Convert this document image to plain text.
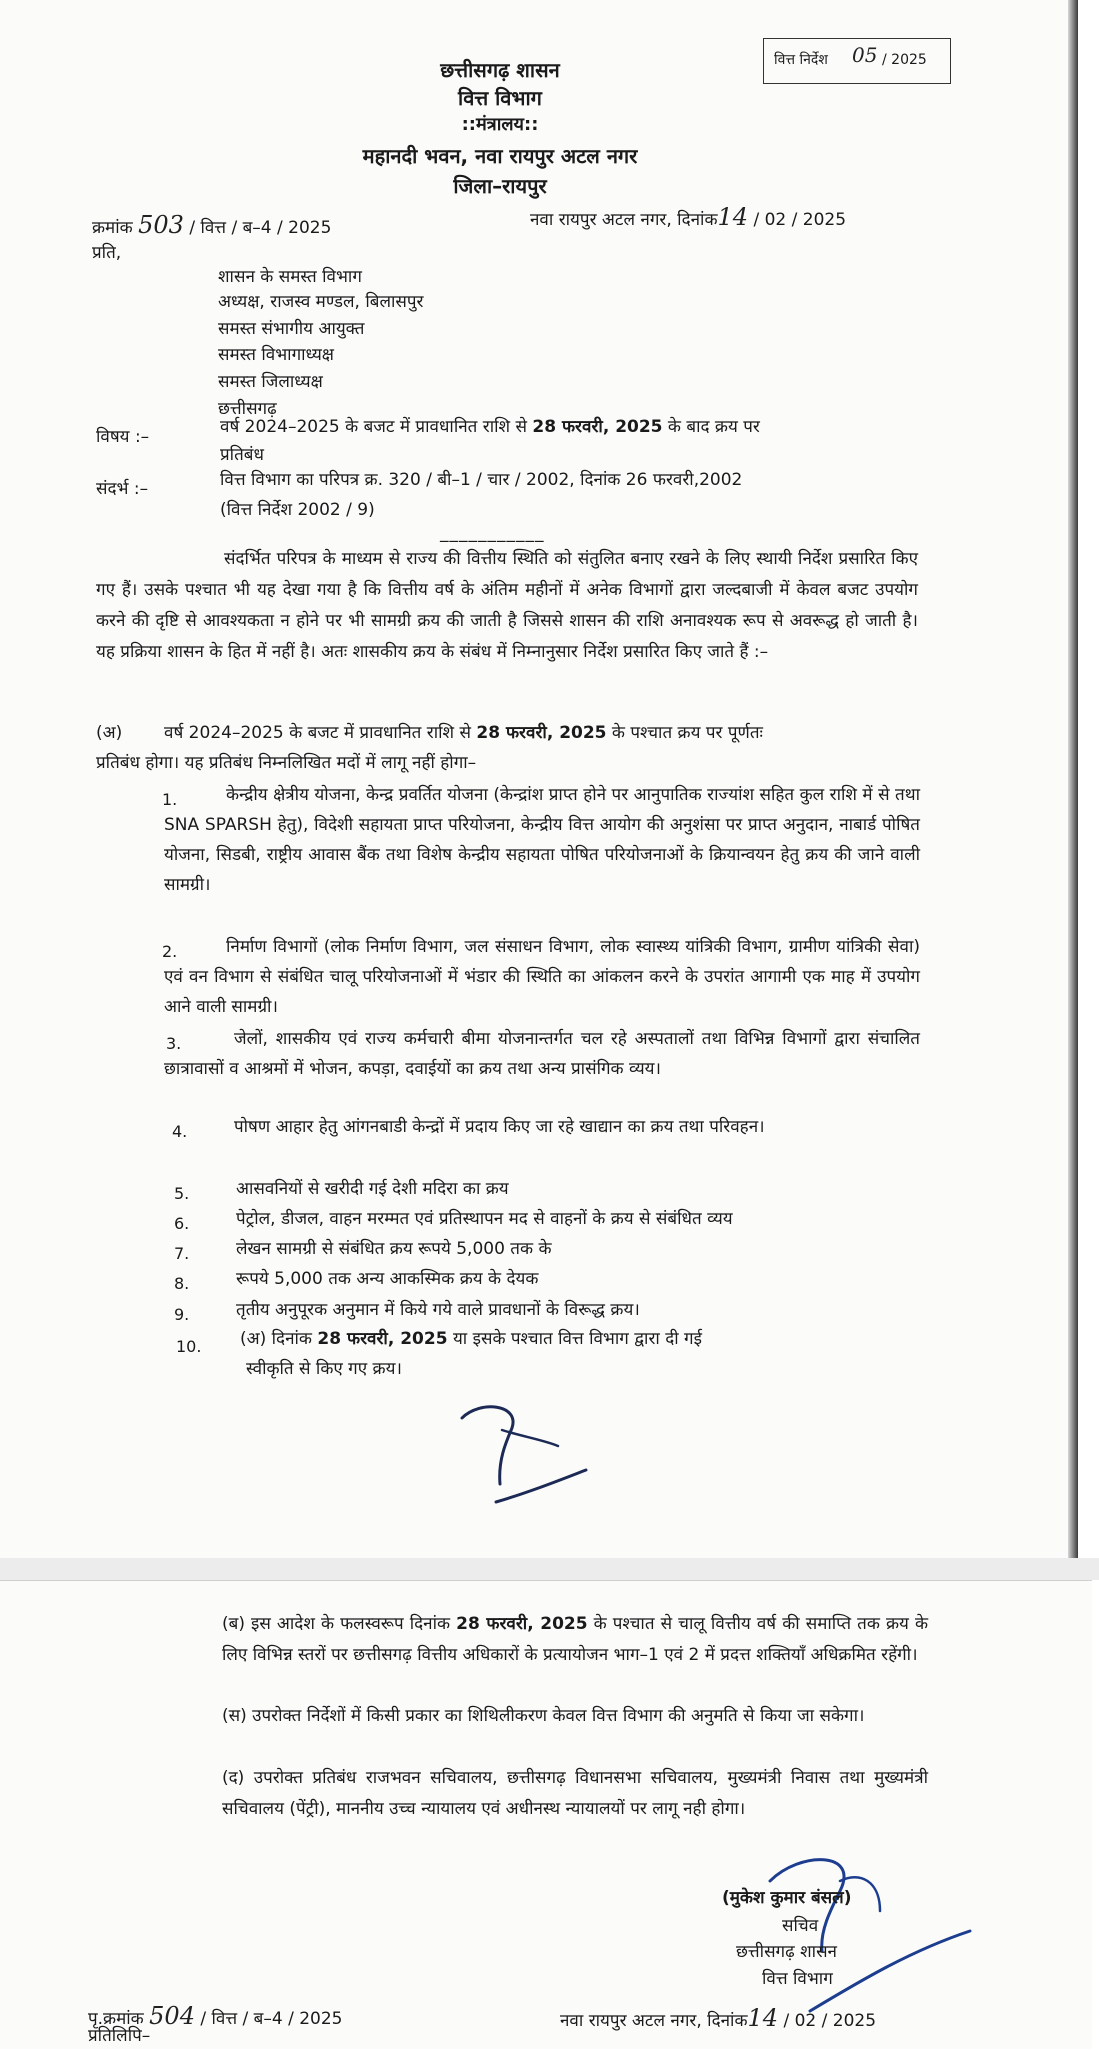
वित्त निर्देश 05 / 2025
छत्तीसगढ़ शासन
वित्त विभाग
::मंत्रालय::
महानदी भवन, नवा रायपुर अटल नगर
जिला–रायपुर
क्रमांक 503 / वित्त / ब–4 / 2025	नवा रायपुर अटल नगर, दिनांक14 / 02 / 2025
प्रति,
शासन के समस्त विभाग
अध्यक्ष, राजस्व मण्डल, बिलासपुर
समस्त संभागीय आयुक्त
समस्त विभागाध्यक्ष
समस्त जिलाध्यक्ष
छत्तीसगढ़
विषय :–	वर्ष 2024–2025 के बजट में प्रावधानित राशि से 28 फरवरी, 2025 के बाद क्रय पर
प्रतिबंध
संदर्भ :–	वित्त विभाग का परिपत्र क्र. 320 / बी–1 / चार / 2002, दिनांक 26 फरवरी,2002
(वित्त निर्देश 2002 / 9)
___________
संदर्भित परिपत्र के माध्यम से राज्य की वित्तीय स्थिति को संतुलित बनाए रखने के लिए स्थायी निर्देश प्रसारित किए गए हैं। उसके पश्चात भी यह देखा गया है कि वित्तीय वर्ष के अंतिम महीनों में अनेक विभागों द्वारा जल्दबाजी में केवल बजट उपयोग करने की दृष्टि से आवश्यकता न होने पर भी सामग्री क्रय की जाती है जिससे शासन की राशि अनावश्यक रूप से अवरूद्ध हो जाती है। यह प्रक्रिया शासन के हित में नहीं है। अतः शासकीय क्रय के संबंध में निम्नानुसार निर्देश प्रसारित किए जाते हैं :–
(अ) वर्ष 2024–2025 के बजट में प्रावधानित राशि से 28 फरवरी, 2025 के पश्चात क्रय पर पूर्णतः
प्रतिबंध होगा। यह प्रतिबंध निम्नलिखित मदों में लागू नहीं होगा–
1.	केन्द्रीय क्षेत्रीय योजना, केन्द्र प्रवर्तित योजना (केन्द्रांश प्राप्त होने पर आनुपातिक राज्यांश सहित कुल राशि में से तथा SNA SPARSH हेतु), विदेशी सहायता प्राप्त परियोजना, केन्द्रीय वित्त आयोग की अनुशंसा पर प्राप्त अनुदान, नाबार्ड पोषित योजना, सिडबी, राष्ट्रीय आवास बैंक तथा विशेष केन्द्रीय सहायता पोषित परियोजनाओं के क्रियान्वयन हेतु क्रय की जाने वाली सामग्री।
2.	निर्माण विभागों (लोक निर्माण विभाग, जल संसाधन विभाग, लोक स्वास्थ्य यांत्रिकी विभाग, ग्रामीण यांत्रिकी सेवा) एवं वन विभाग से संबंधित चालू परियोजनाओं में भंडार की स्थिति का आंकलन करने के उपरांत आगामी एक माह में उपयोग आने वाली सामग्री।
3.	जेलों, शासकीय एवं राज्य कर्मचारी बीमा योजनान्तर्गत चल रहे अस्पतालों तथा विभिन्न विभागों द्वारा संचालित छात्रावासों व आश्रमों में भोजन, कपड़ा, दवाईयों का क्रय तथा अन्य प्रासंगिक व्यय।
4.	पोषण आहार हेतु आंगनबाडी केन्द्रों में प्रदाय किए जा रहे खाद्यान का क्रय तथा परिवहन।
5.	आसवनियों से खरीदी गई देशी मदिरा का क्रय
6.	पेट्रोल, डीजल, वाहन मरम्मत एवं प्रतिस्थापन मद से वाहनों के क्रय से संबंधित व्यय
7.	लेखन सामग्री से संबंधित क्रय रूपये 5,000 तक के
8.	रूपये 5,000 तक अन्य आकस्मिक क्रय के देयक
9.	तृतीय अनुपूरक अनुमान में किये गये वाले प्रावधानों के विरूद्ध क्रय।
10. (अ) दिनांक 28 फरवरी, 2025 या इसके पश्चात वित्त विभाग द्वारा दी गई
स्वीकृति से किए गए क्रय।
(ब) इस आदेश के फलस्वरूप दिनांक 28 फरवरी, 2025 के पश्चात से चालू वित्तीय वर्ष की समाप्ति तक क्रय के लिए विभिन्न स्तरों पर छत्तीसगढ़ वित्तीय अधिकारों के प्रत्यायोजन भाग–1 एवं 2 में प्रदत्त शक्तियाँ अधिक्रमित रहेंगी।
(स) उपरोक्त निर्देशों में किसी प्रकार का शिथिलीकरण केवल वित्त विभाग की अनुमति से किया जा सकेगा।
(द) उपरोक्त प्रतिबंध राजभवन सचिवालय, छत्तीसगढ़ विधानसभा सचिवालय, मुख्यमंत्री निवास तथा मुख्यमंत्री सचिवालय (पेंट्री), माननीय उच्च न्यायालय एवं अधीनस्थ न्यायालयों पर लागू नही होगा।
(मुकेश कुमार बंसल)
सचिव
छत्तीसगढ़ शासन
वित्त विभाग
पृ.क्रमांक 504 / वित्त / ब–4 / 2025	नवा रायपुर अटल नगर, दिनांक14 / 02 / 2025
प्रतिलिपि–
